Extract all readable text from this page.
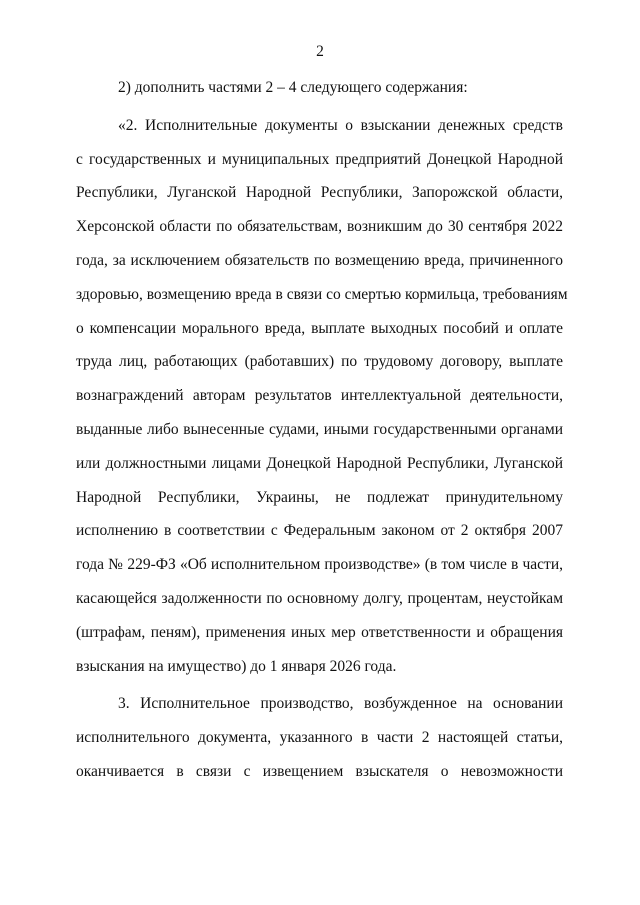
2
2) дополнить частями 2 – 4 следующего содержания:
«2. Исполнительные документы о взыскании денежных средств
с государственных и муниципальных предприятий Донецкой Народной
Республики, Луганской Народной Республики, Запорожской области,
Херсонской области по обязательствам, возникшим до 30 сентября 2022
года, за исключением обязательств по возмещению вреда, причиненного
здоровью, возмещению вреда в связи со смертью кормильца, требованиям
о компенсации морального вреда, выплате выходных пособий и оплате
труда лиц, работающих (работавших) по трудовому договору, выплате
вознаграждений авторам результатов интеллектуальной деятельности,
выданные либо вынесенные судами, иными государственными органами
или должностными лицами Донецкой Народной Республики, Луганской
Народной Республики, Украины, не подлежат принудительному
исполнению в соответствии с Федеральным законом от 2 октября 2007
года № 229-ФЗ «Об исполнительном производстве» (в том числе в части,
касающейся задолженности по основному долгу, процентам, неустойкам
(штрафам, пеням), применения иных мер ответственности и обращения
взыскания на имущество) до 1 января 2026 года.
3. Исполнительное производство, возбужденное на основании
исполнительного документа, указанного в части 2 настоящей статьи,
оканчивается в связи с извещением взыскателя о невозможности
